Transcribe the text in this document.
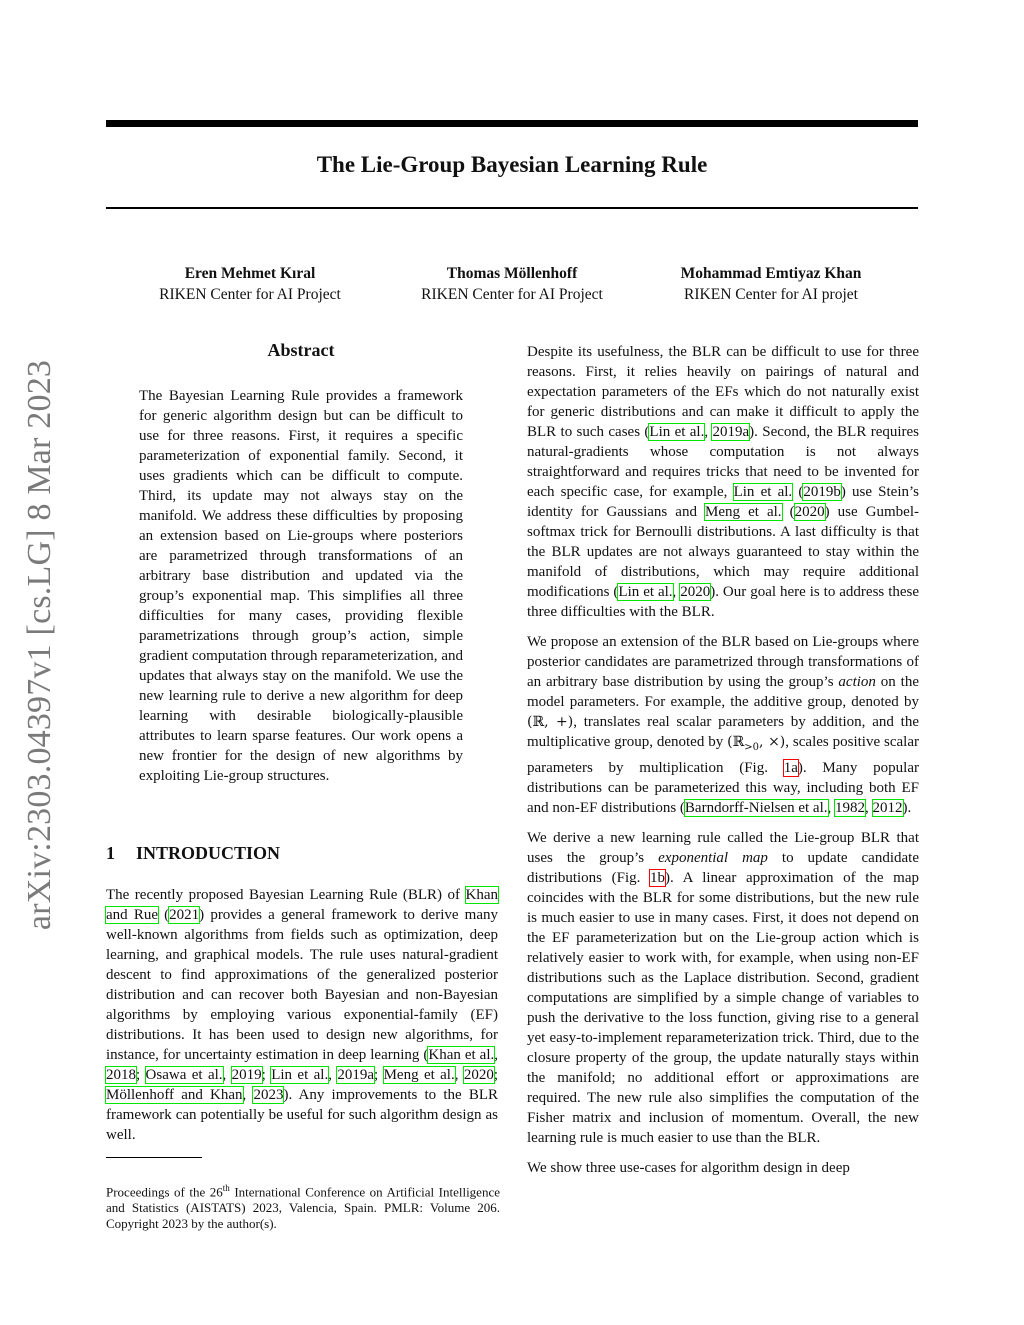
The Lie-Group Bayesian Learning Rule
Eren Mehmet Kıral
RIKEN Center for AI Project
Thomas Möllenhoff
RIKEN Center for AI Project
Mohammad Emtiyaz Khan
RIKEN Center for AI projet
arXiv:2303.04397v1 [cs.LG] 8 Mar 2023
Abstract
The Bayesian Learning Rule provides a framework for generic algorithm design but can be difficult to use for three reasons. First, it requires a specific parameterization of exponential family. Second, it uses gradients which can be difficult to compute. Third, its update may not always stay on the manifold. We address these difficulties by proposing an extension based on Lie-groups where posteriors are parametrized through transformations of an arbitrary base distribution and updated via the group’s exponential map. This simplifies all three difficulties for many cases, providing flexible parametrizations through group’s action, simple gradient computation through reparameterization, and updates that always stay on the manifold. We use the new learning rule to derive a new algorithm for deep learning with desirable biologically-plausible attributes to learn sparse features. Our work opens a new frontier for the design of new algorithms by exploiting Lie-group structures.
1 INTRODUCTION
The recently proposed Bayesian Learning Rule (BLR) of Khan and Rue (2021) provides a general framework to derive many well-known algorithms from fields such as optimization, deep learning, and graphical models. The rule uses natural-gradient descent to find approximations of the generalized posterior distribution and can recover both Bayesian and non-Bayesian algorithms by employing various exponential-family (EF) distributions. It has been used to design new algorithms, for instance, for uncertainty estimation in deep learning (Khan et al., 2018; Osawa et al., 2019; Lin et al., 2019a; Meng et al., 2020; Möllenhoff and Khan, 2023). Any improvements to the BLR framework can potentially be useful for such algorithm design as well.
Proceedings of the 26th International Conference on Artificial Intelligence and Statistics (AISTATS) 2023, Valencia, Spain. PMLR: Volume 206. Copyright 2023 by the author(s).

Despite its usefulness, the BLR can be difficult to use for three reasons. First, it relies heavily on pairings of natural and expectation parameters of the EFs which do not naturally exist for generic distributions and can make it difficult to apply the BLR to such cases (Lin et al., 2019a). Second, the BLR requires natural-gradients whose computation is not always straightforward and requires tricks that need to be invented for each specific case, for example, Lin et al. (2019b) use Stein’s identity for Gaussians and Meng et al. (2020) use Gumbel-softmax trick for Bernoulli distributions. A last difficulty is that the BLR updates are not always guaranteed to stay within the manifold of distributions, which may require additional modifications (Lin et al., 2020). Our goal here is to address these three difficulties with the BLR.

We propose an extension of the BLR based on Lie-groups where posterior candidates are parametrized through transformations of an arbitrary base distribution by using the group’s action on the model parameters. For example, the additive group, denoted by (ℝ, +), translates real scalar parameters by addition, and the multiplicative group, denoted by (ℝ$_{>0}$, ×), scales positive scalar parameters by multiplication (Fig. 1a). Many popular distributions can be parameterized this way, including both EF and non-EF distributions (Barndorff-Nielsen et al., 1982, 2012).

We derive a new learning rule called the Lie-group BLR that uses the group’s exponential map to update candidate distributions (Fig. 1b). A linear approximation of the map coincides with the BLR for some distributions, but the new rule is much easier to use in many cases. First, it does not depend on the EF parameterization but on the Lie-group action which is relatively easier to work with, for example, when using non-EF distributions such as the Laplace distribution. Second, gradient computations are simplified by a simple change of variables to push the derivative to the loss function, giving rise to a general yet easy-to-implement reparameterization trick. Third, due to the closure property of the group, the update naturally stays within the manifold; no additional effort or approximations are required. The new rule also simplifies the computation of the Fisher matrix and inclusion of momentum. Overall, the new learning rule is much easier to use than the BLR.

We show three use-cases for algorithm design in deep
